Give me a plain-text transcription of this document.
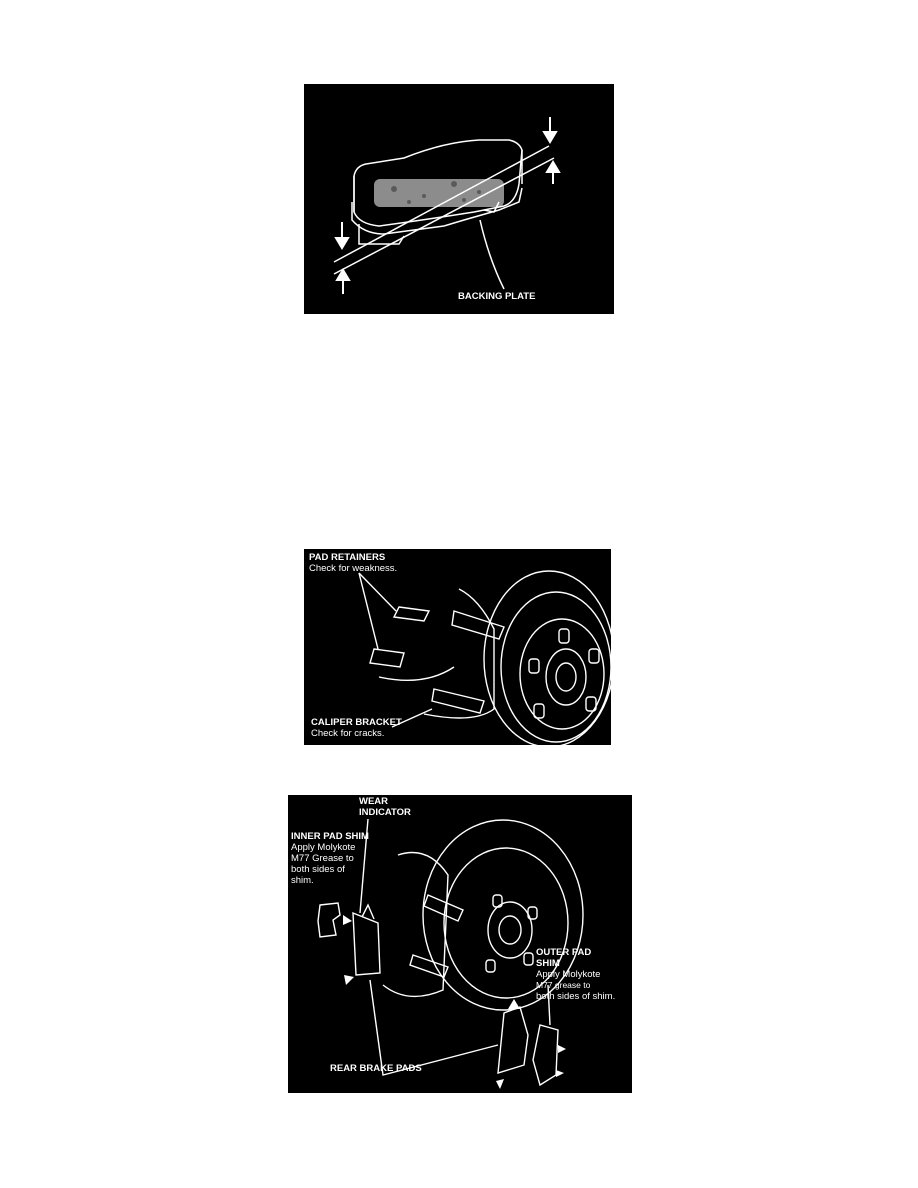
BACKING PLATE
PAD RETAINERS
Check for weakness.
CALIPER BRACKET
Check for cracks.
WEAR
INDICATOR
INNER PAD SHIM
Apply Molykote
M77 Grease to
both sides of
shim.
OUTER PAD
SHIM
Apply Molykote
M77 grease to
both sides of shim.
REAR BRAKE PADS
